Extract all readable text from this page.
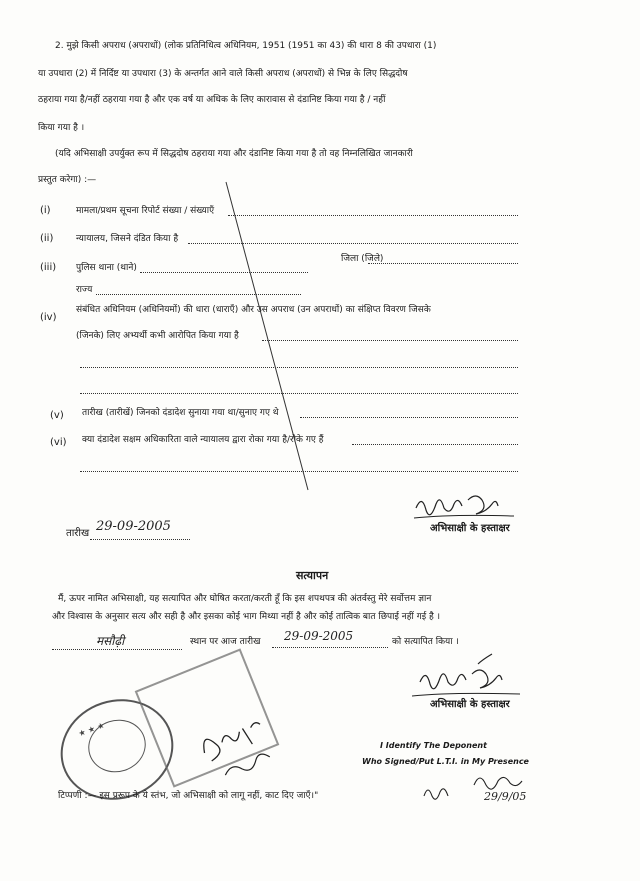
2. मुझे किसी अपराध (अपराधों) (लोक प्रतिनिधित्व अधिनियम, 1951 (1951 का 43) की धारा 8 की उपधारा (1)
या उपधारा (2) में निर्दिष्ट या उपधारा (3) के अन्तर्गत आने वाले किसी अपराध (अपराधों) से भिन्न के लिए सिद्धदोष
ठहराया गया है/नहीं ठहराया गया है और एक वर्ष या अधिक के लिए कारावास से दंडानिष्ट किया गया है / नहीं
किया गया है ।
(यदि अभिसाक्षी उपर्युक्त रूप में सिद्धदोष ठहराया गया और दंडानिष्ट किया गया है तो वह निम्नलिखित जानकारी
प्रस्तुत करेगा) :—
(i)	मामला/प्रथम सूचना रिपोर्ट संख्या / संख्याएँ
(ii)	न्यायालय, जिसने दंडित किया है
(iii) पुलिस थाना (थाने)
जिला (जिले)
राज्य
(iv)
संबंधित अधिनियम (अधिनियमों) की धारा (धाराएँ) और उस अपराध (उन अपराधों) का संक्षिप्त विवरण जिसके
(जिनके) लिए अभ्यर्थी कभी आरोपित किया गया है
(v) तारीख (तारीखें) जिनको दंडादेश सुनाया गया था/सुनाए गए थे
(vi) क्या दंडादेश सक्षम अधिकारिता वाले न्यायालय द्वारा रोका गया है/रोके गए हैं
तारीख 29-09-2005	अभिसाक्षी के हस्ताक्षर
सत्यापन
मैं, ऊपर नामित अभिसाक्षी, यह सत्यापित और घोषित करता/करती हूँ कि इस शपथपत्र की अंतर्वस्तु मेरे सर्वोत्तम ज्ञान
और विश्वास के अनुसार सत्य और सही है और इसका कोई भाग मिथ्या नहीं है और कोई तात्विक बात छिपाई नहीं गई है ।
मसौढ़ी	स्थान पर आज तारीख 29-09-2005	को सत्यापित किया ।
अभिसाक्षी के हस्ताक्षर
★ ★ ★
I Identify The Deponent
Who Signed/Put L.T.I. in My Presence
29/9/05
टिप्पणी :— इस प्ररूप के ये स्तंभ, जो अभिसाक्षी को लागू नहीं, काट दिए जाएँ।"
